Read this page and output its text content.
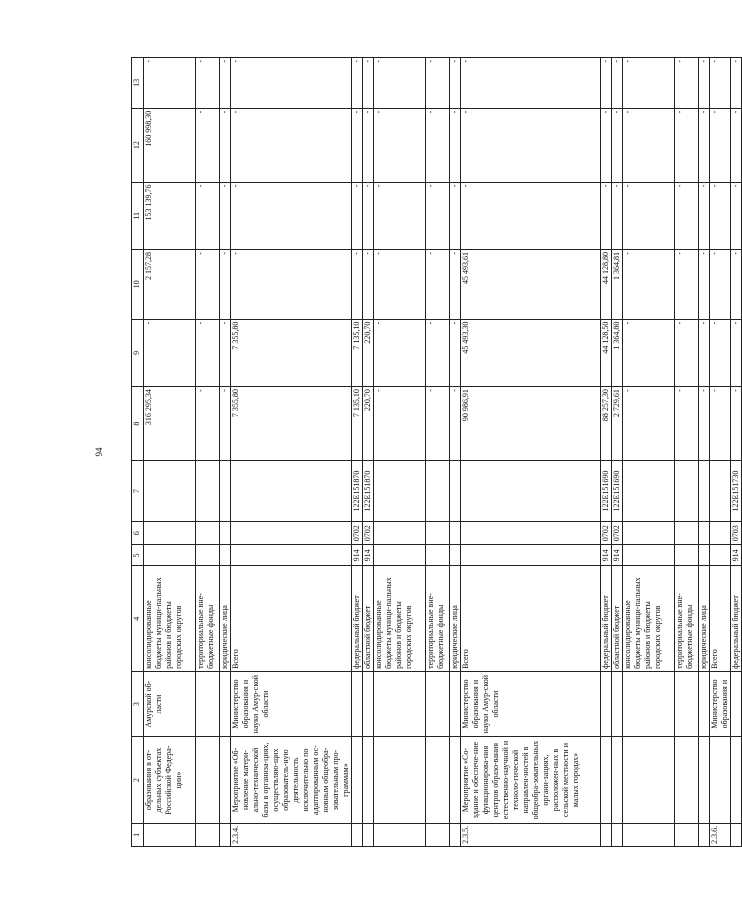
94
1	2	3	4	5	6	7	8	9	10	11	12	13
	образования в от-дельных субъектах Российской Федера-ции»	Амурской об-ласти	консолидированные бюджеты муници-пальных районов и бюджеты городских округов				316 295,34	-	2 157,28	153 139,76	160 998,30	-
			территориальные вне-бюджетные фонды				-	-	-	-	-	-
			юридические лица				-	-	-	-	-	-
2.3.4.	Мероприятие «Об-новление матери-ально-технической базы в организа-циях, осуществляю-щих образователь-ную деятельность исключительно по адаптированным ос-новным общеобра-зовательным про-граммам»	Министерство образования и науки Амур-ской области	Всего				7 355,80	7 355,80	-	-	-	-
			федеральный бюджет	914	0702	122E151870	7 135,10	7 135,10	-	-	-	-
			областной бюджет	914	0702	122E151870	220,70	220,70	-	-	-	-
			консолидированные бюджеты муници-пальных районов и бюджеты городских округов				-	-	-	-	-	-
			территориальные вне-бюджетные фонды				-	-	-	-	-	-
			юридические лица				-	-	-	-	-	-
2.3.5.	Мероприятие «Со-здание и обеспече-ние функционирова-ния центров образо-вания естественно-научной и техноло-гической направлен-ностей в общеобра-зовательных органи-зациях, расположен-ных в сельской местности и малых городах»	Министерство образования и науки Амур-ской области	Всего				90 986,91	45 493,30	45 493,61	-	-	-
			федеральный бюджет	914	0702	122E151690	88 257,30	44 128,50	44 128,80	-	-	-
			областной бюджет	914	0702	122E151690	2 729,61	1 364,80	1 364,81	-	-	-
			консолидированные бюджеты муници-пальных районов и бюджеты городских округов				-	-	-	-	-	-
			территориальные вне-бюджетные фонды				-	-	-	-	-	-
			юридические лица				-	-	-	-	-	-
2.3.6.		Министерство образования и	Всего				-	-	-	-	-	-
			федеральный бюджет	914	0703	122E151730	-	-	-	-	-	-
